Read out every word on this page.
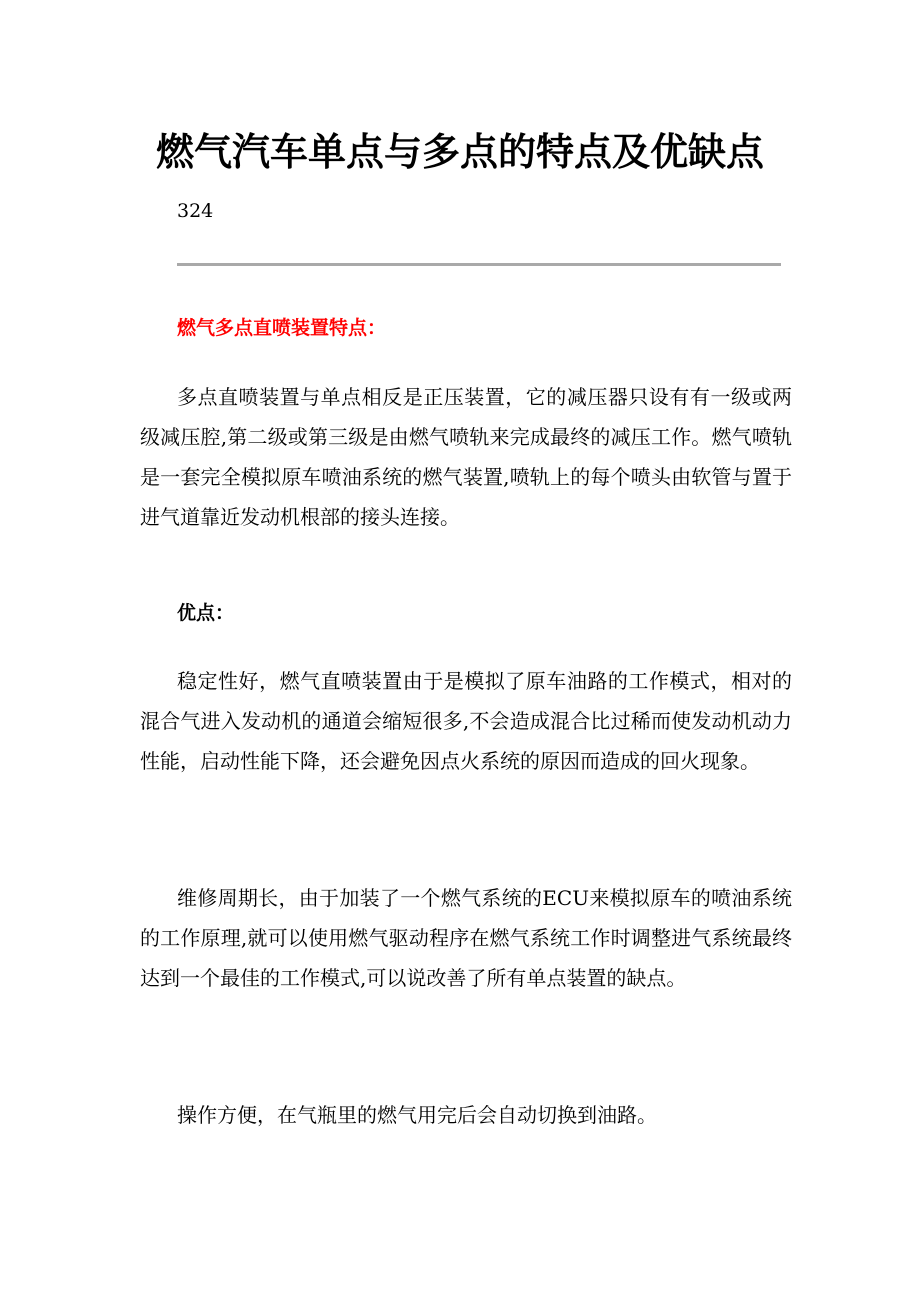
燃气汽车单点与多点的特点及优缺点

324

燃气多点直喷装置特点：

多点直喷装置与单点相反是正压装置，它的减压器只设有有一级或两级减压腔,第二级或第三级是由燃气喷轨来完成最终的减压工作。燃气喷轨是一套完全模拟原车喷油系统的燃气装置,喷轨上的每个喷头由软管与置于进气道靠近发动机根部的接头连接。

优点：

稳定性好，燃气直喷装置由于是模拟了原车油路的工作模式，相对的混合气进入发动机的通道会缩短很多,不会造成混合比过稀而使发动机动力性能，启动性能下降，还会避免因点火系统的原因而造成的回火现象。

维修周期长，由于加装了一个燃气系统的ECU来模拟原车的喷油系统的工作原理,就可以使用燃气驱动程序在燃气系统工作时调整进气系统最终达到一个最佳的工作模式,可以说改善了所有单点装置的缺点。

操作方便，在气瓶里的燃气用完后会自动切换到油路。
